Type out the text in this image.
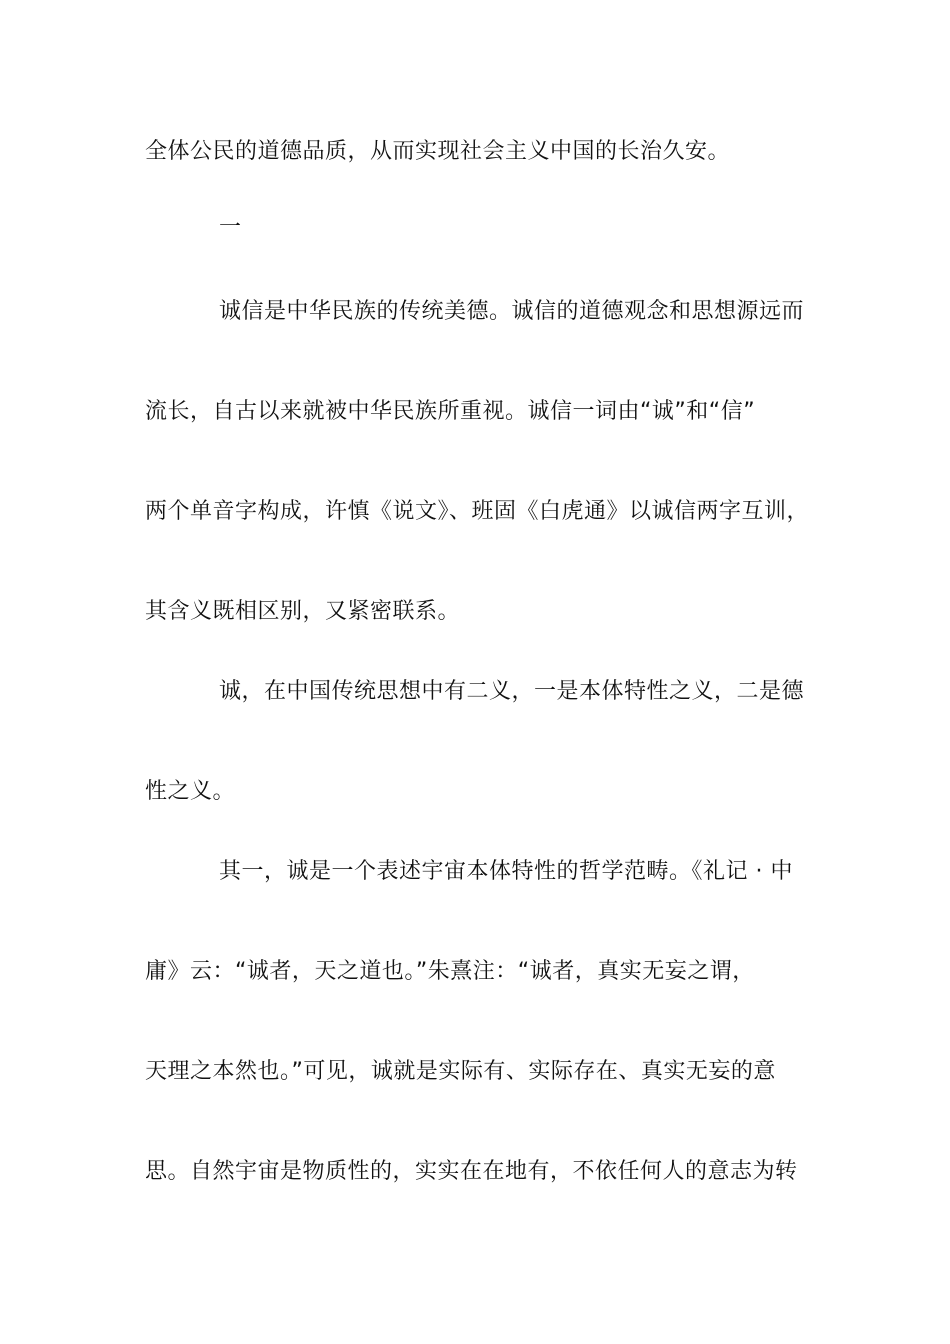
全体公民的道德品质，从而实现社会主义中国的长治久安。
一
诚信是中华民族的传统美德。诚信的道德观念和思想源远而
流长，自古以来就被中华民族所重视。诚信一词由“诚”和“信”
两个单音字构成，许慎《说文》、班固《白虎通》以诚信两字互训，
其含义既相区别，又紧密联系。
诚，在中国传统思想中有二义，一是本体特性之义，二是德
性之义。
其一，诚是一个表述宇宙本体特性的哲学范畴。《礼记 · 中
庸》云：“诚者，天之道也。”朱熹注：“诚者，真实无妄之谓，
天理之本然也。”可见，诚就是实际有、实际存在、真实无妄的意
思。自然宇宙是物质性的，实实在在地有，不依任何人的意志为转
